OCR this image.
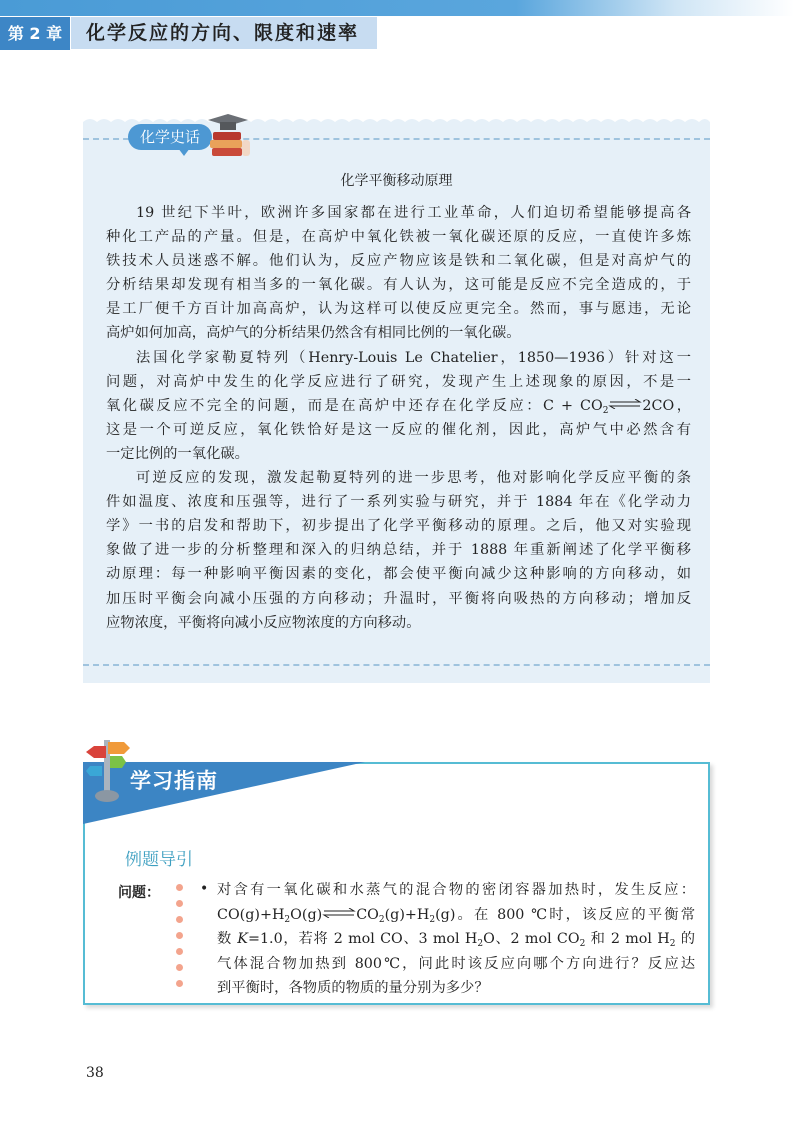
第 2 章	化学反应的方向、限度和速率
化学史话
化学平衡移动原理
19 世纪下半叶，欧洲许多国家都在进行工业革命，人们迫切希望能够提高各
种化工产品的产量。但是，在高炉中氧化铁被一氧化碳还原的反应，一直使许多炼
铁技术人员迷惑不解。他们认为，反应产物应该是铁和二氧化碳，但是对高炉气的
分析结果却发现有相当多的一氧化碳。有人认为，这可能是反应不完全造成的，于
是工厂便千方百计加高高炉，认为这样可以使反应更完全。然而，事与愿违，无论
高炉如何加高，高炉气的分析结果仍然含有相同比例的一氧化碳。
法国化学家勒夏特列（Henry-Louis Le Chatelier，1850—1936）针对这一
问题，对高炉中发生的化学反应进行了研究，发现产生上述现象的原因，不是一
氧化碳反应不完全的问题，而是在高炉中还存在化学反应：$C + CO_2$ ⇌2CO，
这是一个可逆反应，氧化铁恰好是这一反应的催化剂，因此，高炉气中必然含有
一定比例的一氧化碳。
可逆反应的发现，激发起勒夏特列的进一步思考，他对影响化学反应平衡的条
件如温度、浓度和压强等，进行了一系列实验与研究，并于 1884 年在《化学动力
学》一书的启发和帮助下，初步提出了化学平衡移动的原理。之后，他又对实验现
象做了进一步的分析整理和深入的归纳总结，并于 1888 年重新阐述了化学平衡移
动原理：每一种影响平衡因素的变化，都会使平衡向减少这种影响的方向移动，如
加压时平衡会向减小压强的方向移动；升温时，平衡将向吸热的方向移动；增加反
应物浓度，平衡将向减小反应物浓度的方向移动。
学习指南
例题导引
问题：	• 对含有一氧化碳和水蒸气的混合物的密闭容器加热时，发生反应：
$CO(g)+H_2O(g)\rightleftharpoons CO_2(g)+H_2(g)$。在 800 ℃时，该反应的平衡常
数 K=1.0，若将 2 mol CO、3 mol $H_2O$、2 mol $CO_2$ 和 2 mol $H_2$ 的
气体混合物加热到 800℃，问此时该反应向哪个方向进行？反应达
到平衡时，各物质的物质的量分别为多少？
38
